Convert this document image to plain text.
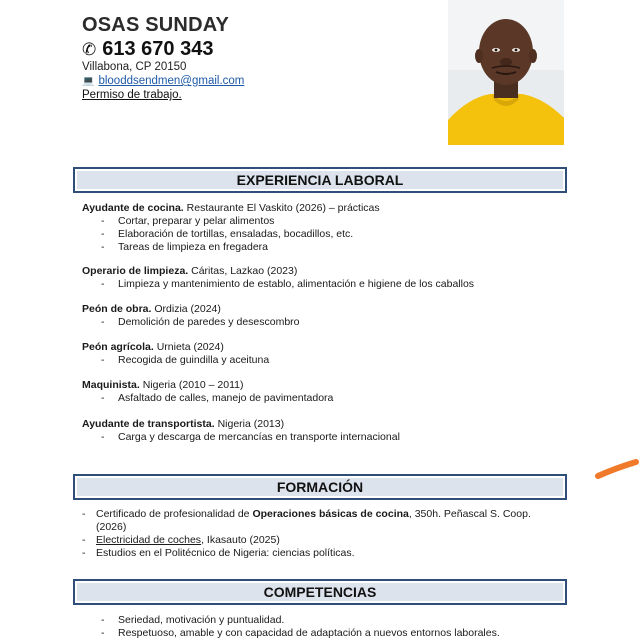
OSAS SUNDAY
✆ 613 670 343
Villabona, CP 20150
💻 blooddsendmen@gmail.com
Permiso de trabajo.
EXPERIENCIA LABORAL
Ayudante de cocina. Restaurante El Vaskito (2026) – prácticas
- Cortar, preparar y pelar alimentos
- Elaboración de tortillas, ensaladas, bocadillos, etc.
- Tareas de limpieza en fregadera
Operario de limpieza. Cáritas, Lazkao (2023)
- Limpieza y mantenimiento de establo, alimentación e higiene de los caballos
Peón de obra. Ordizia (2024)
- Demolición de paredes y desescombro
Peón agrícola. Urnieta (2024)
- Recogida de guindilla y aceituna
Maquinista. Nigeria (2010 – 2011)
- Asfaltado de calles, manejo de pavimentadora
Ayudante de transportista. Nigeria (2013)
- Carga y descarga de mercancías en transporte internacional
FORMACIÓN
- Certificado de profesionalidad de Operaciones básicas de cocina, 350h. Peñascal S. Coop. (2026)
- Electricidad de coches, Ikasauto (2025)
- Estudios en el Politécnico de Nigeria: ciencias políticas.
COMPETENCIAS
- Seriedad, motivación y puntualidad.
- Respetuoso, amable y con capacidad de adaptación a nuevos entornos laborales.
